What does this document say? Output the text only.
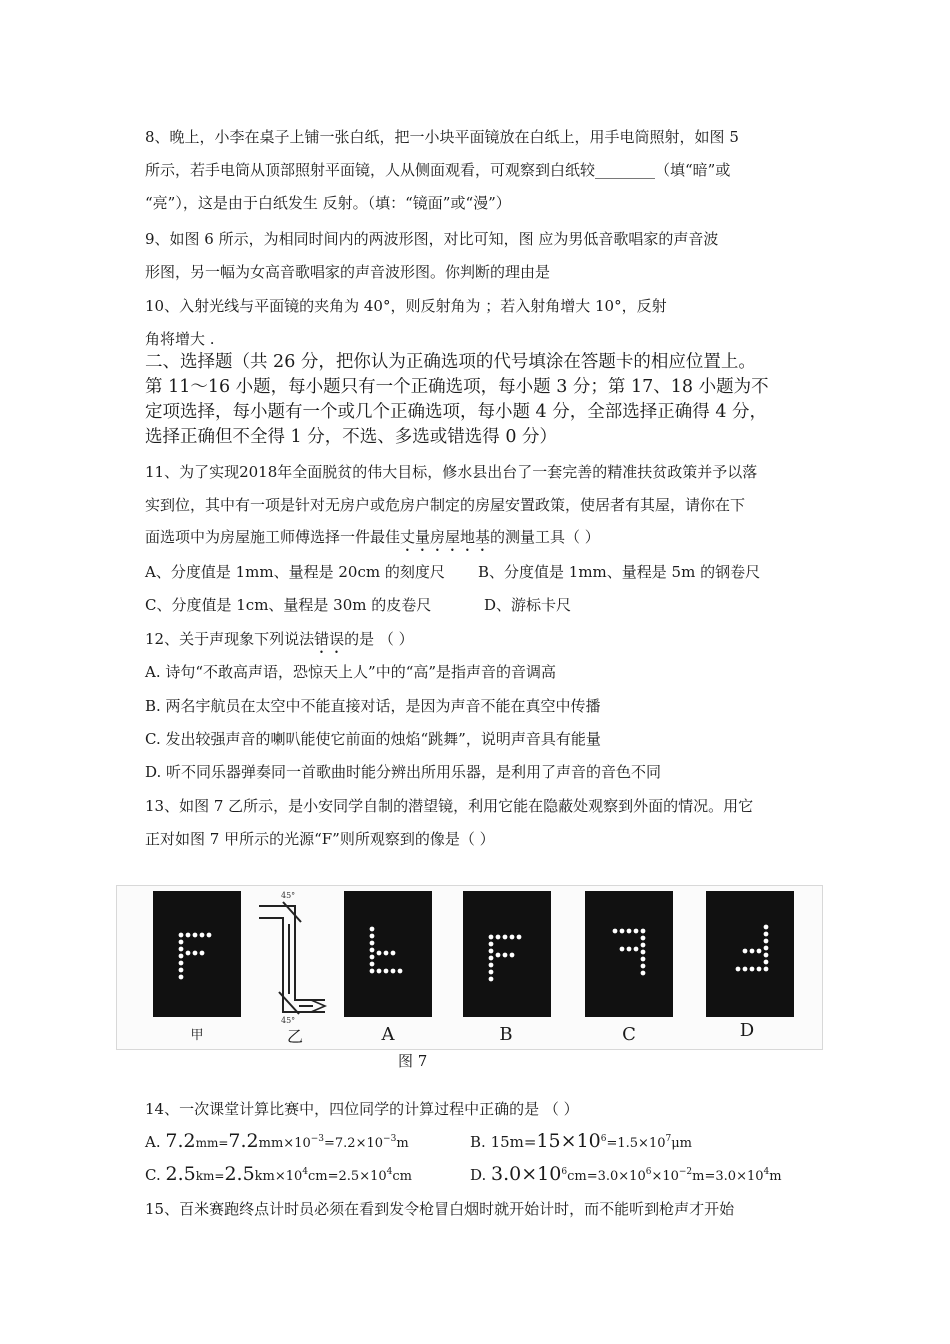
8、晚上，小李在桌子上铺一张白纸，把一小块平面镜放在白纸上，用手电筒照射，如图 5
所示，若手电筒从顶部照射平面镜，人从侧面观看，可观察到白纸较________（填“暗”或
“亮”），这是由于白纸发生 反射。（填：“镜面”或“漫”）
9、如图 6 所示，为相同时间内的两波形图，对比可知，图 应为男低音歌唱家的声音波
形图，另一幅为女高音歌唱家的声音波形图。你判断的理由是
10、入射光线与平面镜的夹角为 40°，则反射角为 ；若入射角增大 10°，反射
角将增大 .
二、选择题（共 26 分，把你认为正确选项的代号填涂在答题卡的相应位置上。
第 11～16 小题，每小题只有一个正确选项，每小题 3 分；第 17、18 小题为不
定项选择，每小题有一个或几个正确选项，每小题 4 分，全部选择正确得 4 分，
选择正确但不全得 1 分，不选、多选或错选得 0 分）
11、为了实现2018年全面脱贫的伟大目标，修水县出台了一套完善的精准扶贫政策并予以落
实到位，其中有一项是针对无房户或危房户制定的房屋安置政策，使居者有其屋，请你在下
面选项中为房屋施工师傅选择一件最佳丈量房屋地基的测量工具（ ）
A、分度值是 1mm、量程是 20cm 的刻度尺 B、分度值是 1mm、量程是 5m 的钢卷尺
C、分度值是 1cm、量程是 30m 的皮卷尺	D、游标卡尺
12、关于声现象下列说法错误的是 （ ）
A. 诗句“不敢高声语，恐惊天上人”中的“高”是指声音的音调高
B. 两名宇航员在太空中不能直接对话，是因为声音不能在真空中传播
C. 发出较强声音的喇叭能使它前面的烛焰“跳舞”，说明声音具有能量
D. 听不同乐器弹奏同一首歌曲时能分辨出所用乐器，是利用了声音的音色不同
13、如图 7 乙所示，是小安同学自制的潜望镜，利用它能在隐蔽处观察到外面的情况。用它
正对如图 7 甲所示的光源“F”则所观察到的像是（ ）
45°
45°
甲	乙	A	B	C	D
图 7
14、一次课堂计算比赛中，四位同学的计算过程中正确的是 （ ）
A. $7.2mm=7.2mm\times 10^{-3}=7.2\times 10^{-3}m$	B. $15m=15\times 10^6=1.5\times 10^7\mu m$
C. $2.5km=2.5km\times 10^4cm=2.5\times 10^4cm$	D. $3.0\times 10^6cm=3.0\times 10^6\times 10^{-2}m=3.0\times 10^4m$
15、百米赛跑终点计时员必须在看到发令枪冒白烟时就开始计时，而不能听到枪声才开始
